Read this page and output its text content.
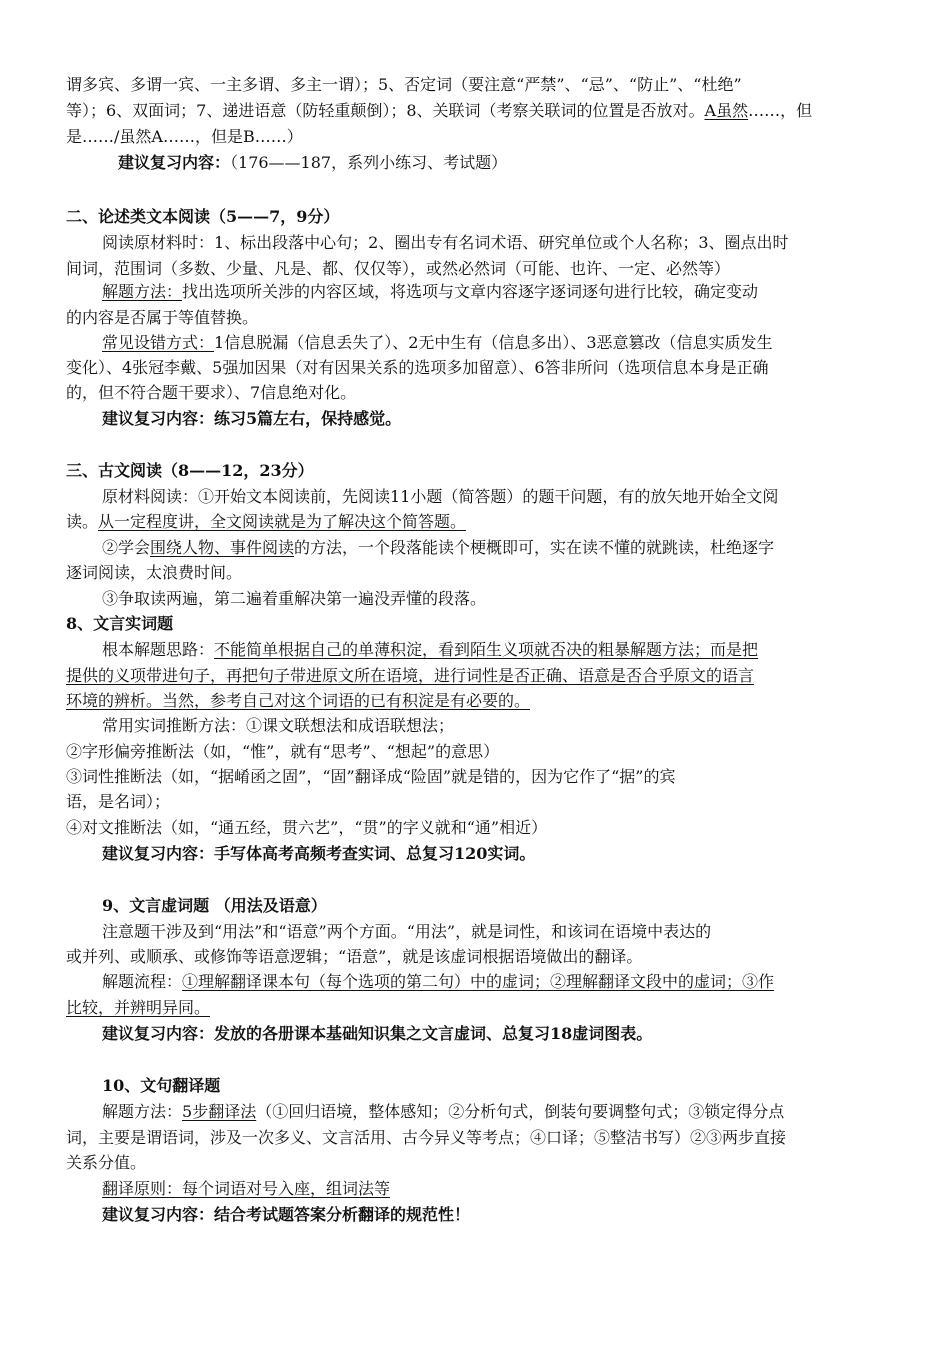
谓多宾、多谓一宾、一主多谓、多主一谓）；5、否定词（要注意“严禁”、“忌”、“防止”、“杜绝”
等）；6、双面词；7、递进语意（防轻重颠倒）；8、关联词（考察关联词的位置是否放对。A虽然……，但
是……/虽然A……，但是B……）
建议复习内容：（176——187，系列小练习、考试题）
二、论述类文本阅读（5——7，9分）
阅读原材料时：1、标出段落中心句；2、圈出专有名词术语、研究单位或个人名称；3、圈点出时
间词，范围词（多数、少量、凡是、都、仅仅等），或然必然词（可能、也许、一定、必然等）
解题方法：找出选项所关涉的内容区域，将选项与文章内容逐字逐词逐句进行比较，确定变动
的内容是否属于等值替换。
常见设错方式：1信息脱漏（信息丢失了）、2无中生有（信息多出）、3恶意篡改（信息实质发生
变化）、4张冠李戴、5强加因果（对有因果关系的选项多加留意）、6答非所问（选项信息本身是正确
的，但不符合题干要求）、7信息绝对化。
建议复习内容：练习5篇左右，保持感觉。
三、古文阅读（8——12，23分）
原材料阅读：①开始文本阅读前，先阅读11小题（简答题）的题干问题，有的放矢地开始全文阅
读。从一定程度讲，全文阅读就是为了解决这个简答题。
②学会围绕人物、事件阅读的方法，一个段落能读个梗概即可，实在读不懂的就跳读，杜绝逐字
逐词阅读，太浪费时间。
③争取读两遍，第二遍着重解决第一遍没弄懂的段落。
8、文言实词题
根本解题思路：不能简单根据自己的单薄积淀，看到陌生义项就否决的粗暴解题方法；而是把
提供的义项带进句子，再把句子带进原文所在语境，进行词性是否正确、语意是否合乎原文的语言
环境的辨析。当然，参考自己对这个词语的已有积淀是有必要的。
常用实词推断方法：①课文联想法和成语联想法；
②字形偏旁推断法（如，“惟”，就有“思考”、“想起”的意思）
③词性推断法（如，“据崤函之固”，“固”翻译成“险固”就是错的，因为它作了“据”的宾
语，是名词）；
④对文推断法（如，“通五经，贯六艺”，“贯”的字义就和“通”相近）
建议复习内容：手写体高考高频考查实词、总复习120实词。
9、文言虚词题 （用法及语意）
注意题干涉及到“用法”和“语意”两个方面。“用法”，就是词性，和该词在语境中表达的
或并列、或顺承、或修饰等语意逻辑；“语意”，就是该虚词根据语境做出的翻译。
解题流程：①理解翻译课本句（每个选项的第二句）中的虚词；②理解翻译文段中的虚词；③作
比较，并辨明异同。
建议复习内容：发放的各册课本基础知识集之文言虚词、总复习18虚词图表。
10、文句翻译题
解题方法：5步翻译法（①回归语境，整体感知；②分析句式，倒装句要调整句式；③锁定得分点
词，主要是谓语词，涉及一次多义、文言活用、古今异义等考点；④口译；⑤整洁书写）②③两步直接
关系分值。
翻译原则：每个词语对号入座，组词法等
建议复习内容：结合考试题答案分析翻译的规范性！
